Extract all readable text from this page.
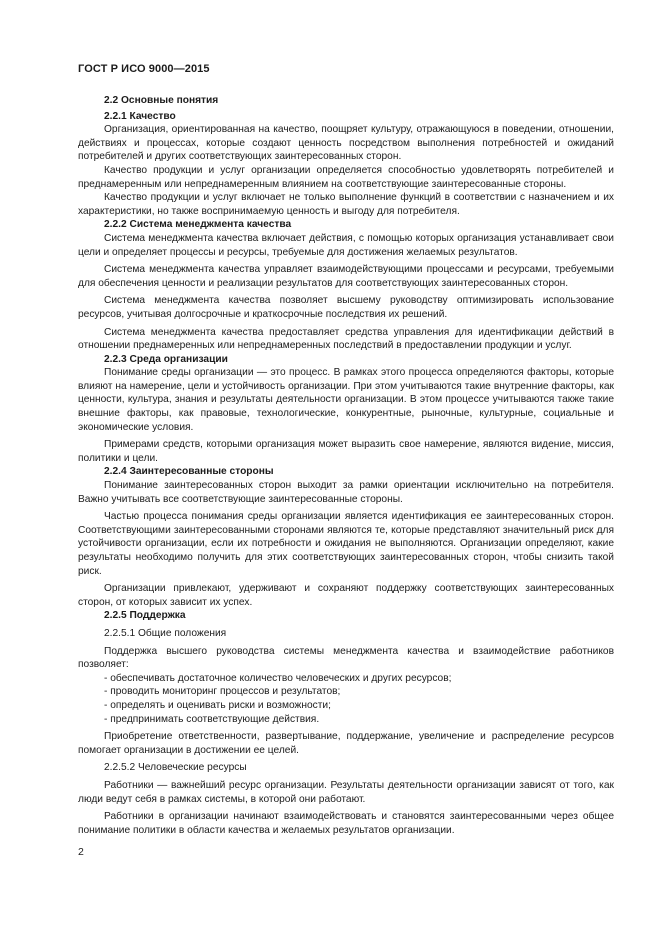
ГОСТ Р ИСО 9000—2015

2.2 Основные понятия

2.2.1 Качество

Организация, ориентированная на качество, поощряет культуру, отражающуюся в поведении, отношении, действиях и процессах, которые создают ценность посредством выполнения потребностей и ожиданий потребителей и других соответствующих заинтересованных сторон.

Качество продукции и услуг организации определяется способностью удовлетворять потребителей и преднамеренным или непреднамеренным влиянием на соответствующие заинтересованные стороны.

Качество продукции и услуг включает не только выполнение функций в соответствии с назначением и их характеристики, но также воспринимаемую ценность и выгоду для потребителя.

2.2.2 Система менеджмента качества

Система менеджмента качества включает действия, с помощью которых организация устанавливает свои цели и определяет процессы и ресурсы, требуемые для достижения желаемых результатов.

Система менеджмента качества управляет взаимодействующими процессами и ресурсами, требуемыми для обеспечения ценности и реализации результатов для соответствующих заинтересованных сторон.

Система менеджмента качества позволяет высшему руководству оптимизировать использование ресурсов, учитывая долгосрочные и краткосрочные последствия их решений.

Система менеджмента качества предоставляет средства управления для идентификации действий в отношении преднамеренных или непреднамеренных последствий в предоставлении продукции и услуг.

2.2.3 Среда организации

Понимание среды организации — это процесс. В рамках этого процесса определяются факторы, которые влияют на намерение, цели и устойчивость организации. При этом учитываются такие внутренние факторы, как ценности, культура, знания и результаты деятельности организации. В этом процессе учитываются также такие внешние факторы, как правовые, технологические, конкурентные, рыночные, культурные, социальные и экономические условия.

Примерами средств, которыми организация может выразить свое намерение, являются видение, миссия, политики и цели.

2.2.4 Заинтересованные стороны

Понимание заинтересованных сторон выходит за рамки ориентации исключительно на потребителя. Важно учитывать все соответствующие заинтересованные стороны.

Частью процесса понимания среды организации является идентификация ее заинтересованных сторон. Соответствующими заинтересованными сторонами являются те, которые представляют значительный риск для устойчивости организации, если их потребности и ожидания не выполняются. Организации определяют, какие результаты необходимо получить для этих соответствующих заинтересованных сторон, чтобы снизить такой риск.

Организации привлекают, удерживают и сохраняют поддержку соответствующих заинтересованных сторон, от которых зависит их успех.

2.2.5 Поддержка

2.2.5.1 Общие положения

Поддержка высшего руководства системы менеджмента качества и взаимодействие работников позволяет:

- обеспечивать достаточное количество человеческих и других ресурсов;

- проводить мониторинг процессов и результатов;

- определять и оценивать риски и возможности;

- предпринимать соответствующие действия.

Приобретение ответственности, развертывание, поддержание, увеличение и распределение ресурсов помогает организации в достижении ее целей.

2.2.5.2 Человеческие ресурсы

Работники — важнейший ресурс организации. Результаты деятельности организации зависят от того, как люди ведут себя в рамках системы, в которой они работают.

Работники в организации начинают взаимодействовать и становятся заинтересованными через общее понимание политики в области качества и желаемых результатов организации.

2
